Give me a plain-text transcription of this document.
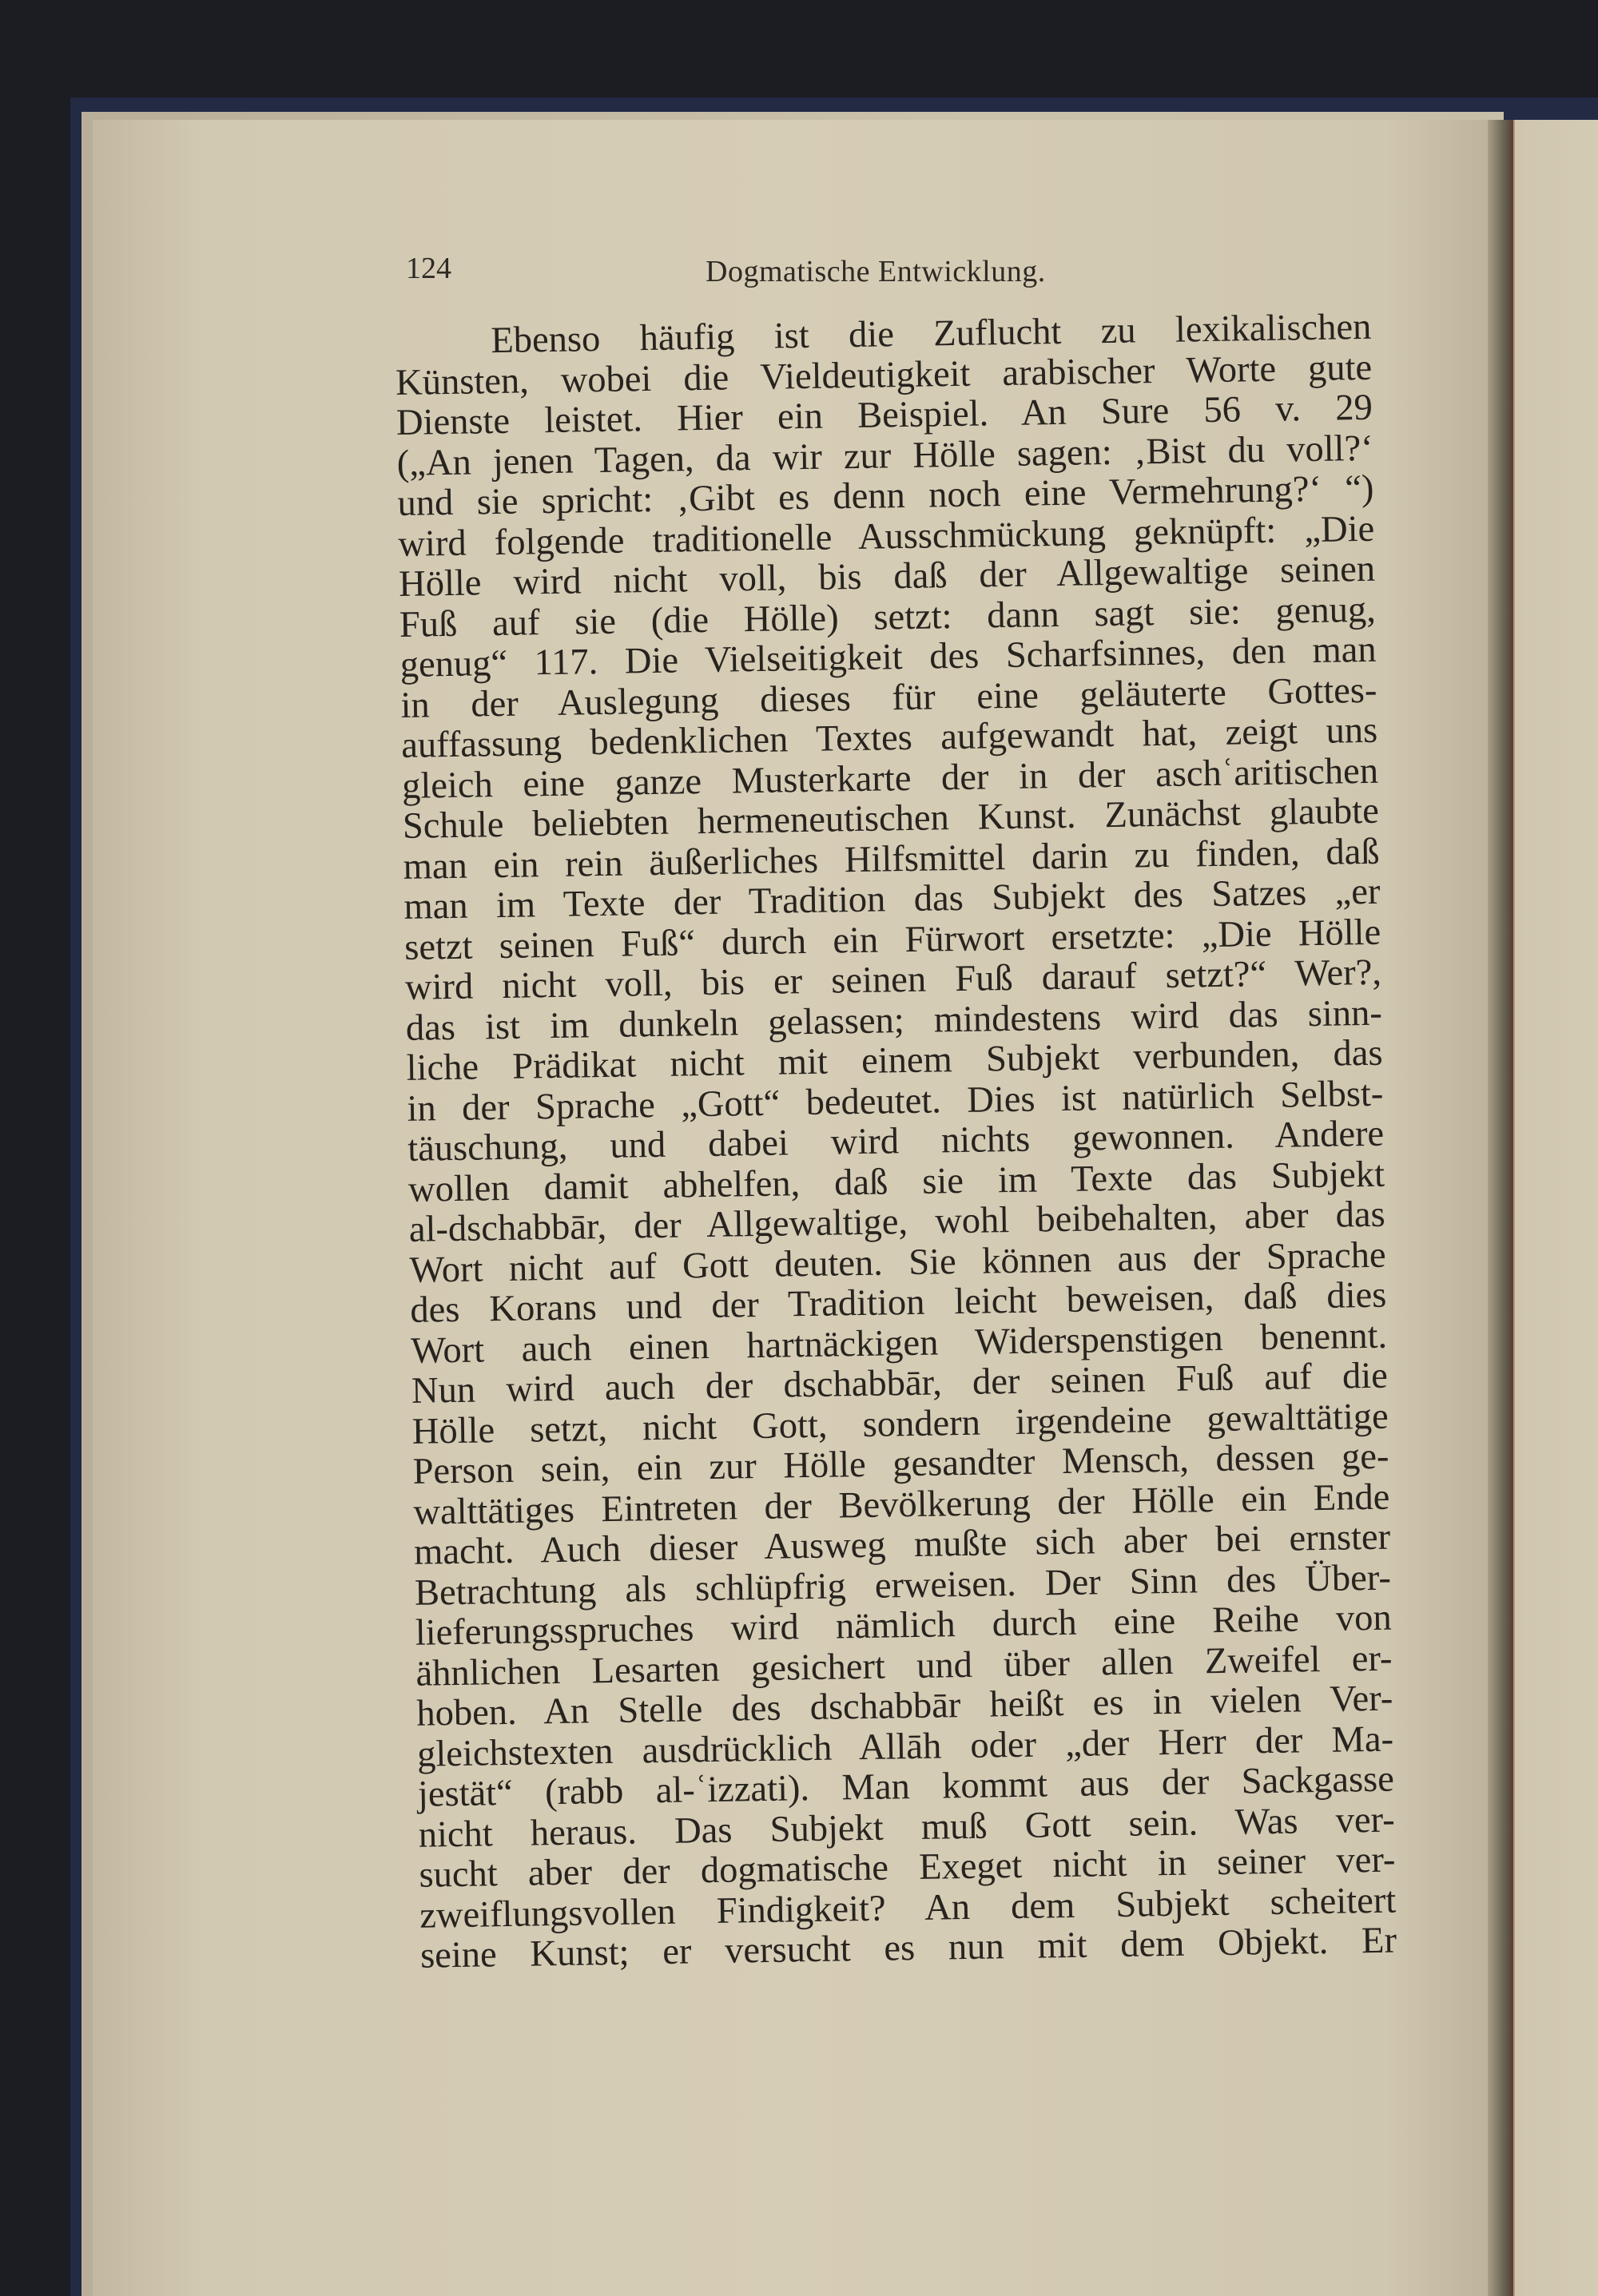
124	Dogmatische Entwicklung.
Ebenso häufig ist die Zuflucht zu lexikalischen
Künsten, wobei die Vieldeutigkeit arabischer Worte gute
Dienste leistet. Hier ein Beispiel. An Sure 56 v. 29
(„An jenen Tagen, da wir zur Hölle sagen: ‚Bist du voll?‘
und sie spricht: ‚Gibt es denn noch eine Vermehrung?‘ “)
wird folgende traditionelle Ausschmückung geknüpft: „Die
Hölle wird nicht voll, bis daß der Allgewaltige seinen
Fuß auf sie (die Hölle) setzt: dann sagt sie: genug,
genug“ 117. Die Vielseitigkeit des Scharfsinnes, den man
in der Auslegung dieses für eine geläuterte Gottes-
auffassung bedenklichen Textes aufgewandt hat, zeigt uns
gleich eine ganze Musterkarte der in der aschʿaritischen
Schule beliebten hermeneutischen Kunst. Zunächst glaubte
man ein rein äußerliches Hilfsmittel darin zu finden, daß
man im Texte der Tradition das Subjekt des Satzes „er
setzt seinen Fuß“ durch ein Fürwort ersetzte: „Die Hölle
wird nicht voll, bis er seinen Fuß darauf setzt?“ Wer?,
das ist im dunkeln gelassen; mindestens wird das sinn-
liche Prädikat nicht mit einem Subjekt verbunden, das
in der Sprache „Gott“ bedeutet. Dies ist natürlich Selbst-
täuschung, und dabei wird nichts gewonnen. Andere
wollen damit abhelfen, daß sie im Texte das Subjekt
al-dschabbār, der Allgewaltige, wohl beibehalten, aber das
Wort nicht auf Gott deuten. Sie können aus der Sprache
des Korans und der Tradition leicht beweisen, daß dies
Wort auch einen hartnäckigen Widerspenstigen benennt.
Nun wird auch der dschabbār, der seinen Fuß auf die
Hölle setzt, nicht Gott, sondern irgendeine gewalttätige
Person sein, ein zur Hölle gesandter Mensch, dessen ge-
walttätiges Eintreten der Bevölkerung der Hölle ein Ende
macht. Auch dieser Ausweg mußte sich aber bei ernster
Betrachtung als schlüpfrig erweisen. Der Sinn des Über-
lieferungsspruches wird nämlich durch eine Reihe von
ähnlichen Lesarten gesichert und über allen Zweifel er-
hoben. An Stelle des dschabbār heißt es in vielen Ver-
gleichstexten ausdrücklich Allāh oder „der Herr der Ma-
jestät“ (rabb al-ʿizzati). Man kommt aus der Sackgasse
nicht heraus. Das Subjekt muß Gott sein. Was ver-
sucht aber der dogmatische Exeget nicht in seiner ver-
zweiflungsvollen Findigkeit? An dem Subjekt scheitert
seine Kunst; er versucht es nun mit dem Objekt. Er
